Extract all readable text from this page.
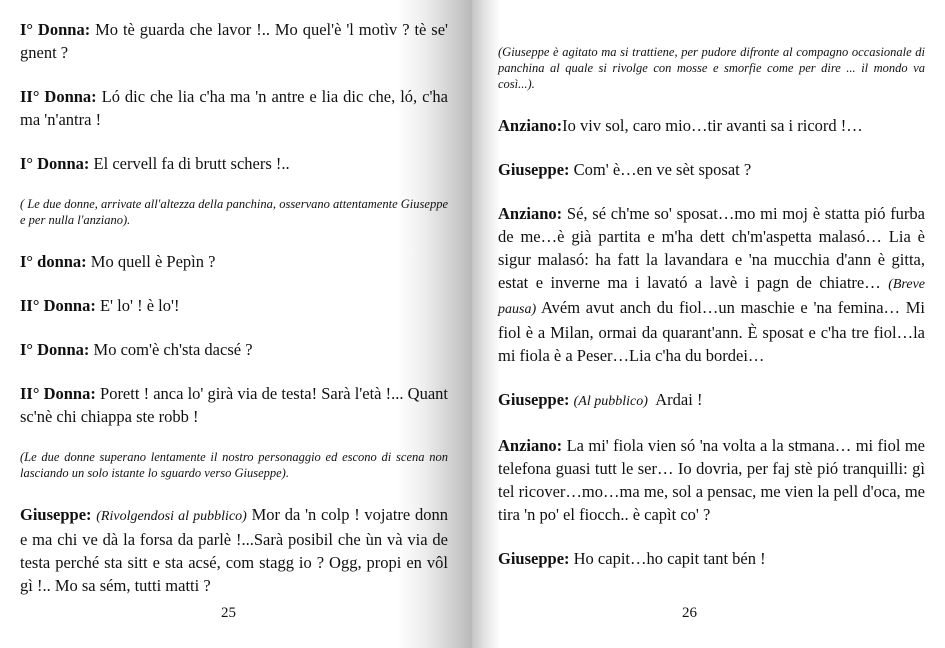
I° Donna: Mo tè guarda che lavor !.. Mo quel'è 'l motìv ? tè se' gnent ?

II° Donna: Ló dic che lia c'ha ma 'n antre e lia dic che, ló, c'ha ma 'n'antra !

I° Donna: El cervell fa di brutt schers !..

( Le due donne, arrivate all'altezza della panchina, osservano attentamente Giuseppe e per nulla l'anziano).

I° donna: Mo quell è Pepìn ?

II° Donna: E' lo' ! è lo'!

I° Donna: Mo com'è ch'sta dacsé ?

II° Donna: Porett ! anca lo' girà via de testa! Sarà l'età !... Quant sc'nè chi chiappa ste robb !

(Le due donne superano lentamente il nostro personaggio ed escono di scena non lasciando un solo istante lo sguardo verso Giuseppe).

Giuseppe: (Rivolgendosi al pubblico) Mor da 'n colp ! vojatre donn e ma chi ve dà la forsa da parlè !...Sarà posibil che ùn và via de testa perché sta sitt e sta acsé, com stagg io ? Ogg, propi en vôl gì !.. Mo sa sém, tutti matti ?

25

(Giuseppe è agitato ma si trattiene, per pudore difronte al compagno occasionale di panchina al quale si rivolge con mosse e smorfie come per dire ... il mondo va così...).

Anziano:Io viv sol, caro mio…tir avanti sa i ricord !…

Giuseppe: Com' è…en ve sèt sposat ?

Anziano: Sé, sé ch'me so' sposat…mo mi moj è statta pió furba de me…è già partita e m'ha dett ch'm'aspetta malasó… Lia è sigur malasó: ha fatt la lavandara e 'na mucchia d'ann è gitta, estat e inverne ma i lavató a lavè i pagn de chiatre… (Breve pausa) Avém avut anch du fiol…un maschie e 'na femina… Mi fiol è a Milan, ormai da quarant'ann. È sposat e c'ha tre fiol…la mi fiola è a Peser…Lia c'ha du bordei…

Giuseppe: (Al pubblico) Ardai !

Anziano: La mi' fiola vien só 'na volta a la stmana… mi fiol me telefona guasi tutt le ser… Io dovria, per faj stè pió tranquilli: gì tel ricover…mo…ma me, sol a pensac, me vien la pell d'oca, me tira 'n po' el fiocch.. è capìt co' ?

Giuseppe: Ho capit…ho capit tant bén !

26
